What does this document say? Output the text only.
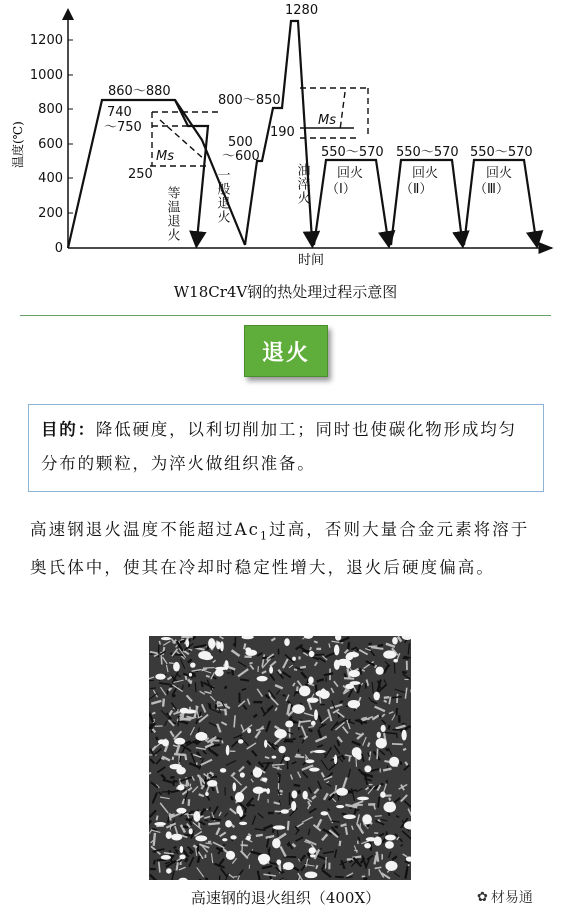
0
200
400
600
800
1000
1200
温度(℃)
1280
860～880
740
～750
800～850
500
～600
190
250
Ms
Ms
550～570 550～570 550～570
回火
（Ⅰ）
回火
（Ⅱ）
回火
（Ⅲ）
等温退火	一般退火	油淬火
时间
W18Cr4V钢的热处理过程示意图
退火
目的：降低硬度，以利切削加工；同时也使碳化物形成均匀分布的颗粒，为淬火做组织准备。
高速钢退火温度不能超过$Ac_1$过高，否则大量合金元素将溶于奥氏体中，使其在冷却时稳定性增大，退火后硬度偏高。
高速钢的退火组织（400X）	✿ 材易通
